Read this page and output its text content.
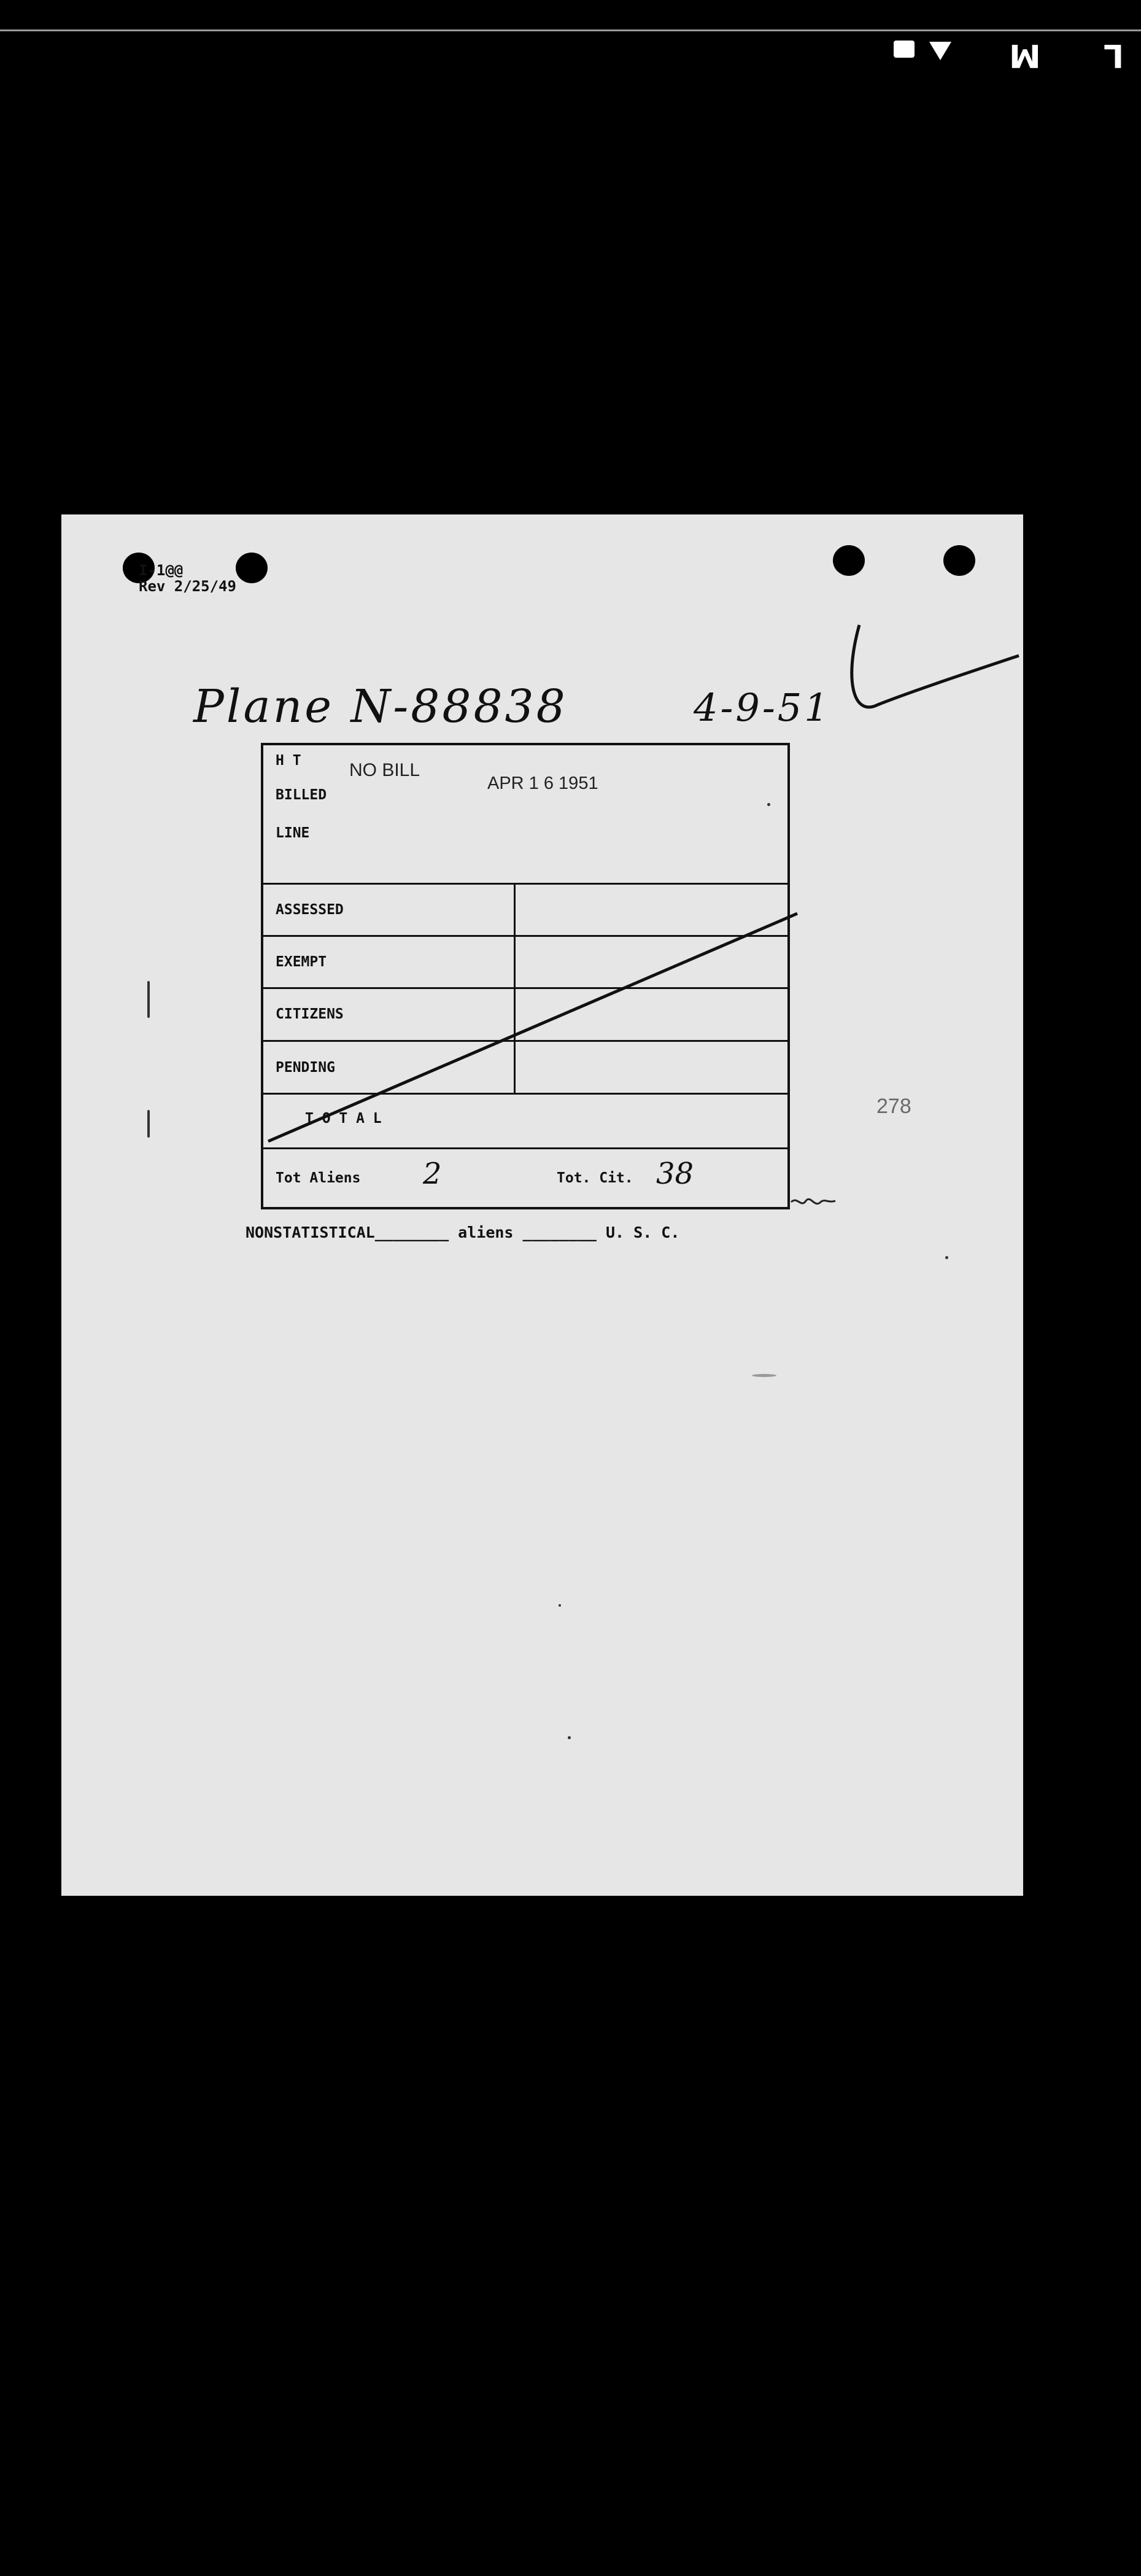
M L
I-1@@
Rev 2/25/49
Plane N-88838	4-9-51
H T
BILLED
LINE
NO BILL
APR 1 6 1951
ASSESSED
EXEMPT
CITIZENS
PENDING
T O T A L
Tot Aliens 2	Tot. Cit. 38
NONSTATISTICAL________ aliens ________ U. S. C.
278
